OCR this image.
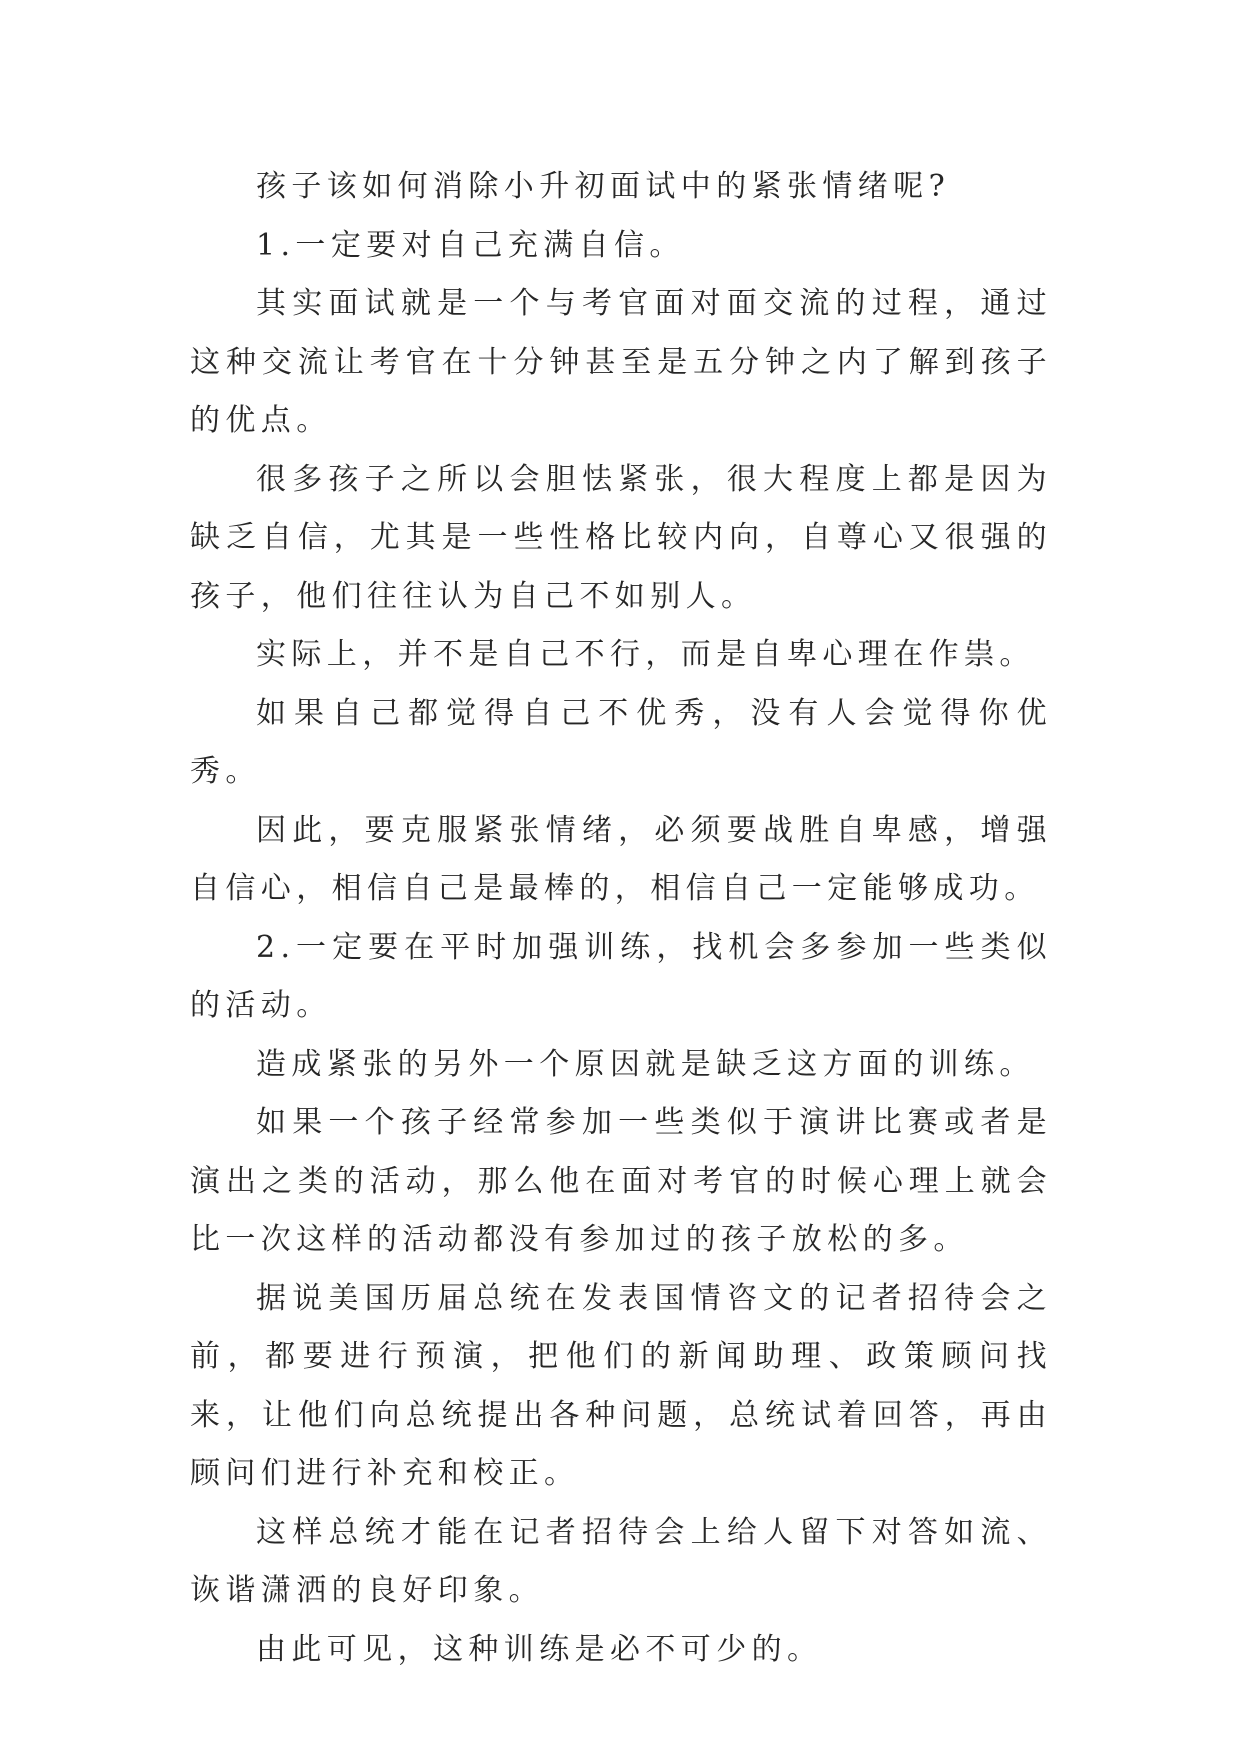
孩子该如何消除小升初面试中的紧张情绪呢?

1.一定要对自己充满自信。

其实面试就是一个与考官面对面交流的过程，通过这种交流让考官在十分钟甚至是五分钟之内了解到孩子的优点。

很多孩子之所以会胆怯紧张，很大程度上都是因为缺乏自信，尤其是一些性格比较内向，自尊心又很强的孩子，他们往往认为自己不如别人。

实际上，并不是自己不行，而是自卑心理在作祟。

如果自己都觉得自己不优秀，没有人会觉得你优秀。

因此，要克服紧张情绪，必须要战胜自卑感，增强自信心，相信自己是最棒的，相信自己一定能够成功。

2.一定要在平时加强训练，找机会多参加一些类似的活动。

造成紧张的另外一个原因就是缺乏这方面的训练。

如果一个孩子经常参加一些类似于演讲比赛或者是演出之类的活动，那么他在面对考官的时候心理上就会比一次这样的活动都没有参加过的孩子放松的多。

据说美国历届总统在发表国情咨文的记者招待会之前，都要进行预演，把他们的新闻助理、政策顾问找来，让他们向总统提出各种问题，总统试着回答，再由顾问们进行补充和校正。

这样总统才能在记者招待会上给人留下对答如流、诙谐潇洒的良好印象。

由此可见，这种训练是必不可少的。
